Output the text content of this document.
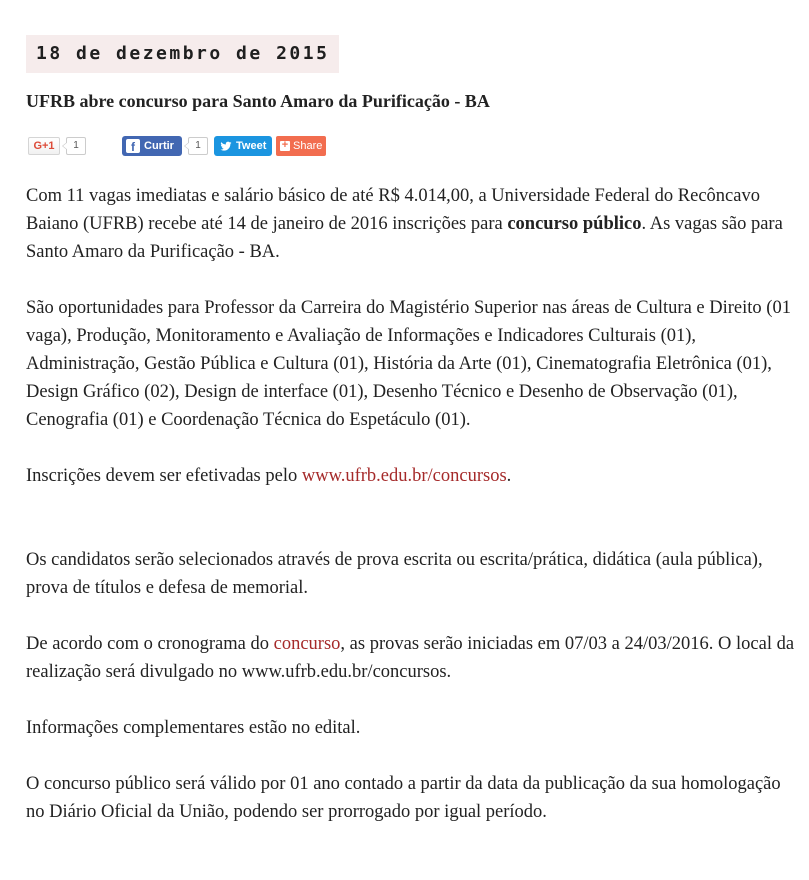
18 de dezembro de 2015
UFRB abre concurso para Santo Amaro da Purificação - BA
G+1	1	f Curtir	1	Tweet + Share

Com 11 vagas imediatas e salário básico de até R$ 4.014,00, a Universidade Federal do Recôncavo Baiano (UFRB) recebe até 14 de janeiro de 2016 inscrições para concurso público. As vagas são para Santo Amaro da Purificação - BA.

São oportunidades para Professor da Carreira do Magistério Superior nas áreas de Cultura e Direito (01 vaga), Produção, Monitoramento e Avaliação de Informações e Indicadores Culturais (01), Administração, Gestão Pública e Cultura (01), História da Arte (01), Cinematografia Eletrônica (01), Design Gráfico (02), Design de interface (01), Desenho Técnico e Desenho de Observação (01), Cenografia (01) e Coordenação Técnica do Espetáculo (01).

Inscrições devem ser efetivadas pelo www.ufrb.edu.br/concursos.

Os candidatos serão selecionados através de prova escrita ou escrita/prática, didática (aula pública), prova de títulos e defesa de memorial.

De acordo com o cronograma do concurso, as provas serão iniciadas em 07/03 a 24/03/2016. O local da realização será divulgado no www.ufrb.edu.br/concursos.

Informações complementares estão no edital.

O concurso público será válido por 01 ano contado a partir da data da publicação da sua homologação no Diário Oficial da União, podendo ser prorrogado por igual período.
